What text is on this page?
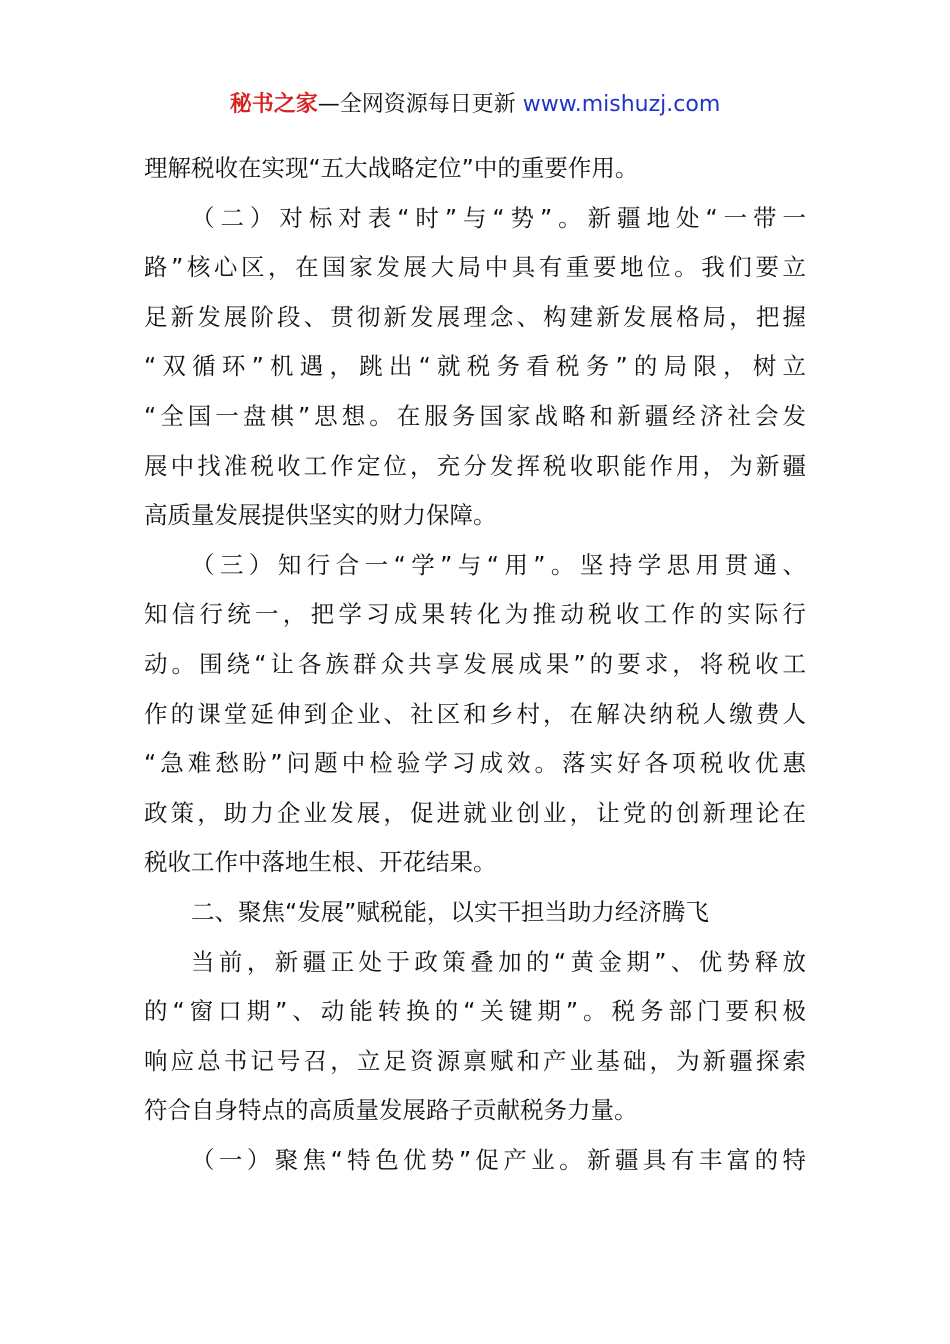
秘书之家—全网资源每日更新 www.mishuzj.com
理解税收在实现“五大战略定位”中的重要作用。
（二）对标对表“时”与“势”。新疆地处“一带一
路”核心区，在国家发展大局中具有重要地位。我们要立
足新发展阶段、贯彻新发展理念、构建新发展格局，把握
“双循环”机遇，跳出“就税务看税务”的局限，树立
“全国一盘棋”思想。在服务国家战略和新疆经济社会发
展中找准税收工作定位，充分发挥税收职能作用，为新疆
高质量发展提供坚实的财力保障。
（三）知行合一“学”与“用”。坚持学思用贯通、
知信行统一，把学习成果转化为推动税收工作的实际行
动。围绕“让各族群众共享发展成果”的要求，将税收工
作的课堂延伸到企业、社区和乡村，在解决纳税人缴费人
“急难愁盼”问题中检验学习成效。落实好各项税收优惠
政策，助力企业发展，促进就业创业，让党的创新理论在
税收工作中落地生根、开花结果。
二、聚焦“发展”赋税能，以实干担当助力经济腾飞
当前，新疆正处于政策叠加的“黄金期”、优势释放
的“窗口期”、动能转换的“关键期”。税务部门要积极
响应总书记号召，立足资源禀赋和产业基础，为新疆探索
符合自身特点的高质量发展路子贡献税务力量。
（一）聚焦“特色优势”促产业。新疆具有丰富的特
